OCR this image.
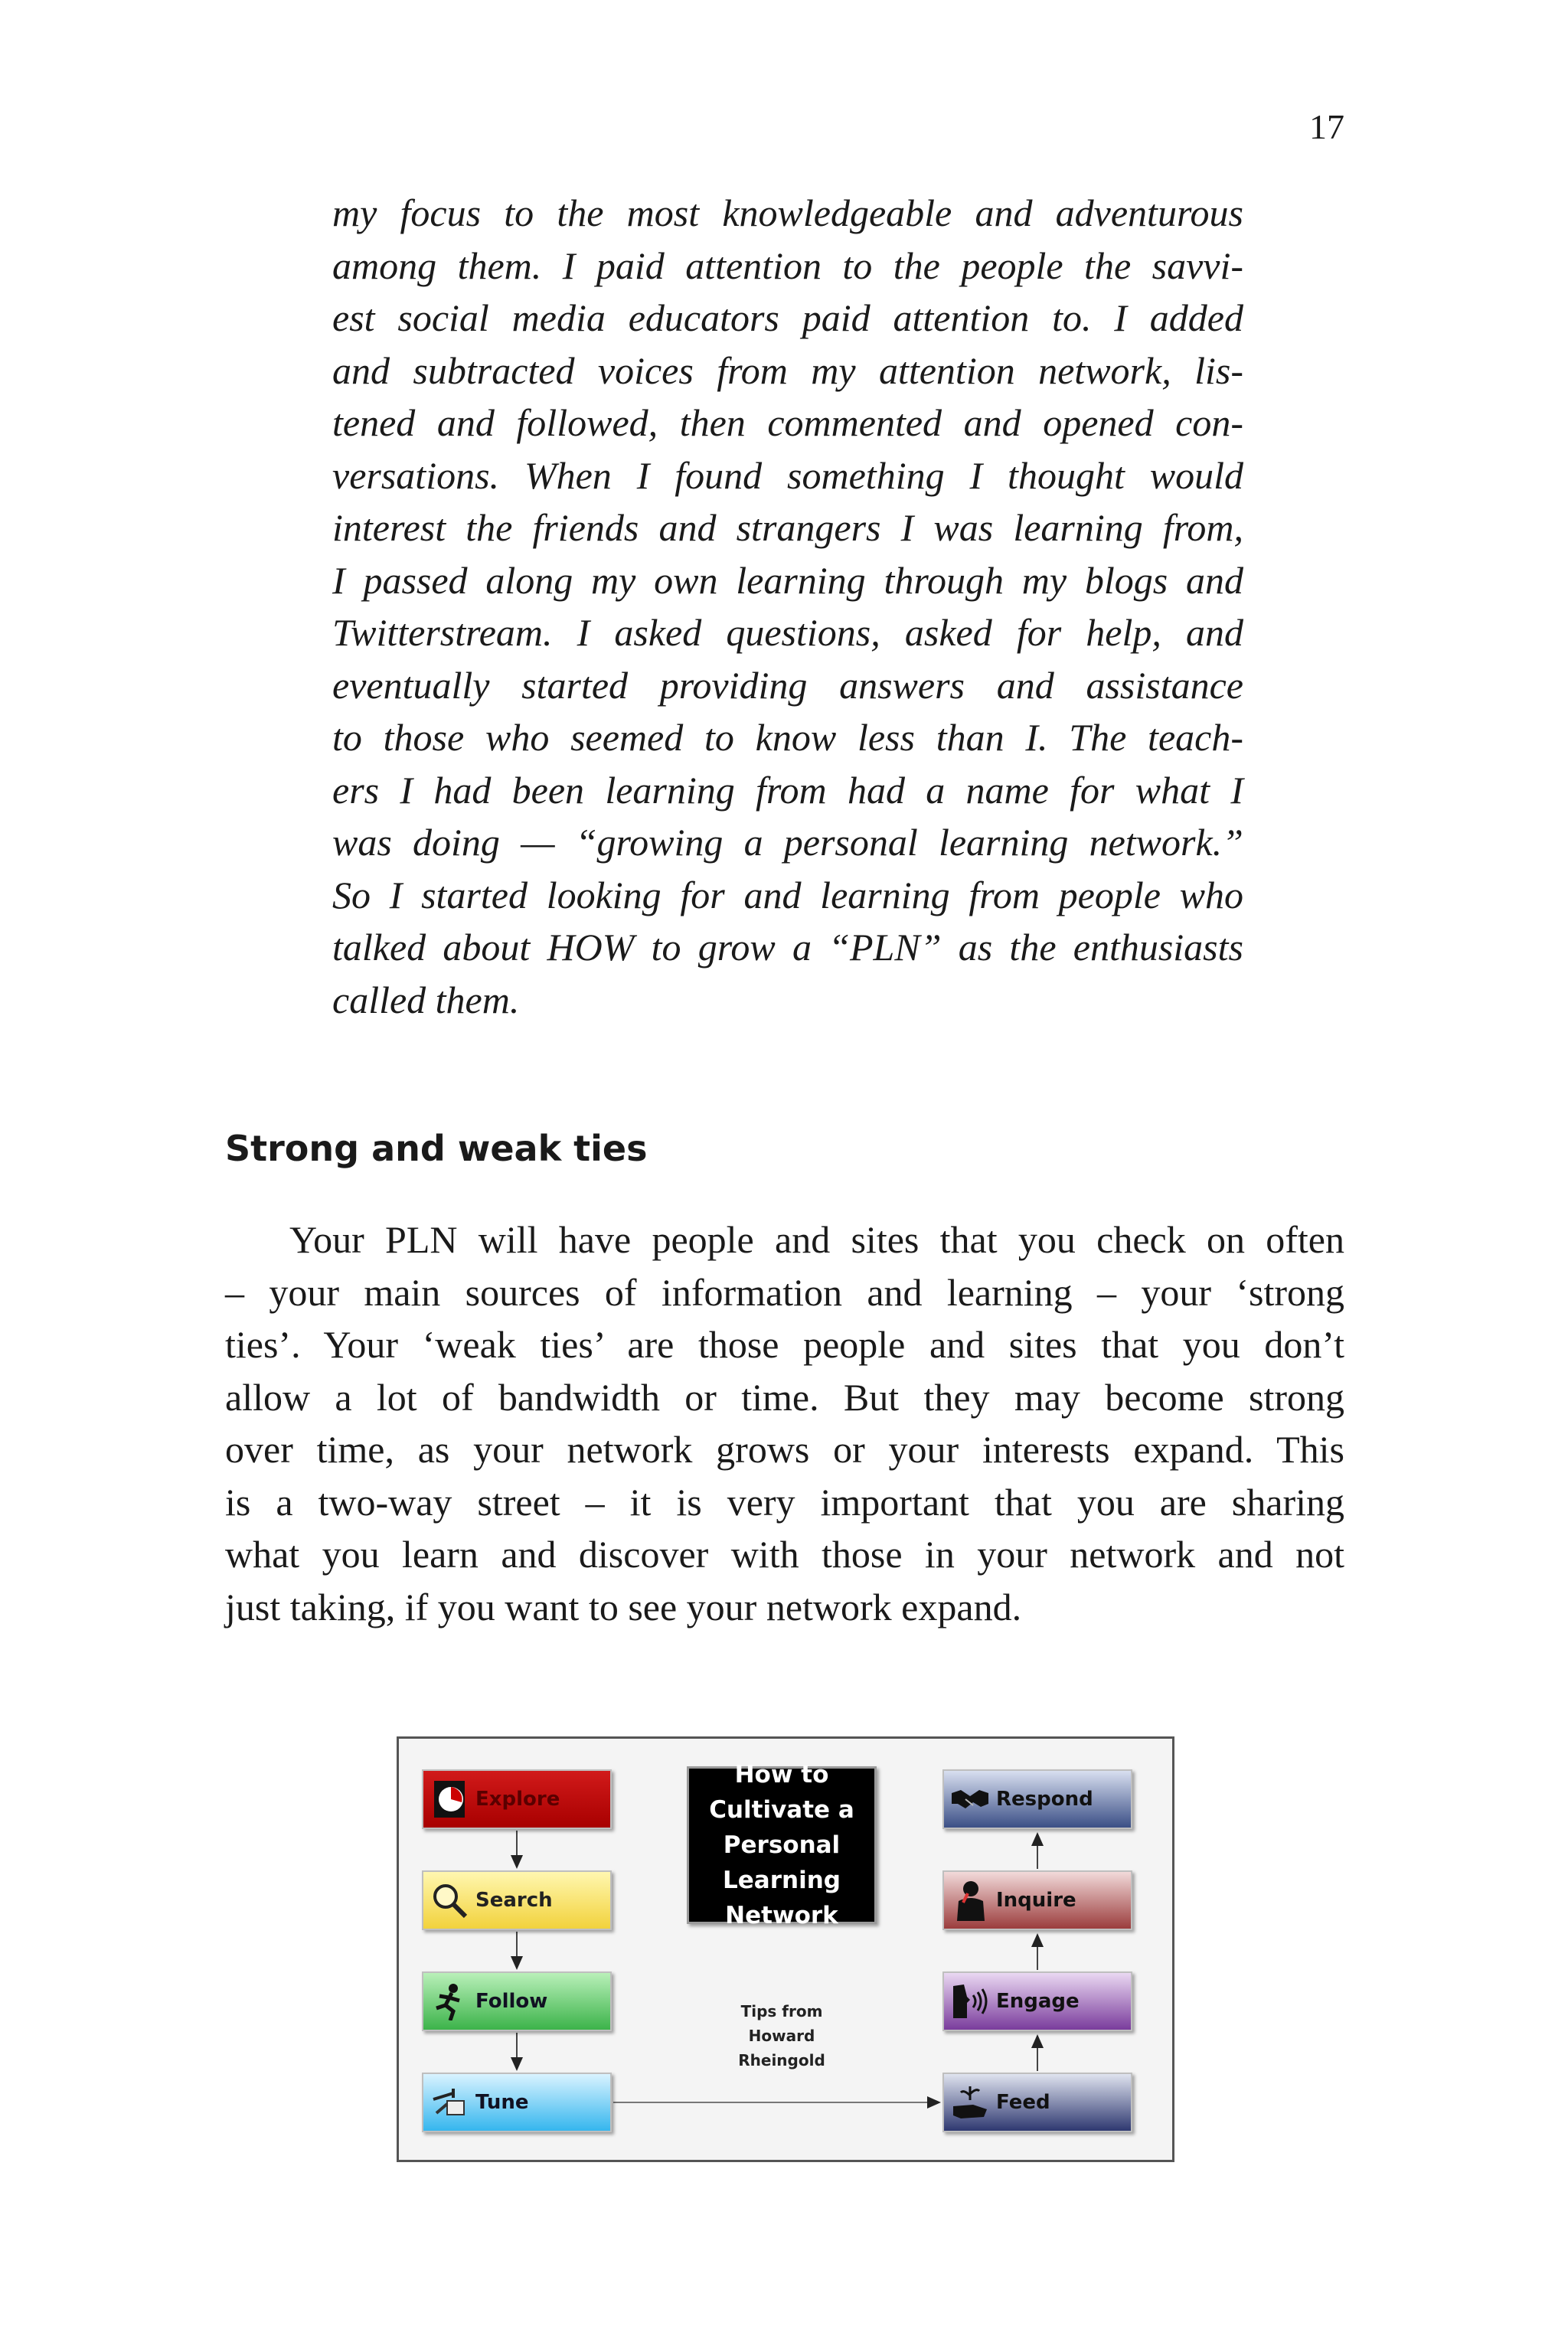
17

my focus to the most knowledgeable and adventurous
among them. I paid attention to the people the savvi-
est social media educators paid attention to. I added
and subtracted voices from my attention network, lis-
tened and followed, then commented and opened con-
versations. When I found something I thought would
interest the friends and strangers I was learning from,
I passed along my own learning through my blogs and
Twitterstream. I asked questions, asked for help, and
eventually started providing answers and assistance
to those who seemed to know less than I. The teach-
ers I had been learning from had a name for what I
was doing — “growing a personal learning network.”
So I started looking for and learning from people who
talked about HOW to grow a “PLN” as the enthusiasts
called them.

Strong and weak ties

Your PLN will have people and sites that you check on often
– your main sources of information and learning – your ‘strong
ties’. Your ‘weak ties’ are those people and sites that you don’t
allow a lot of bandwidth or time. But they may become strong
over time, as your network grows or your interests expand. This
is a two-way street – it is very important that you are sharing
what you learn and discover with those in your network and not
just taking, if you want to see your network expand.

Explore
Search
Follow
Tune
How to
Cultivate a
Personal
Learning
Network
Tips from
Howard
Rheingold
Respond
Inquire
Engage
Feed
